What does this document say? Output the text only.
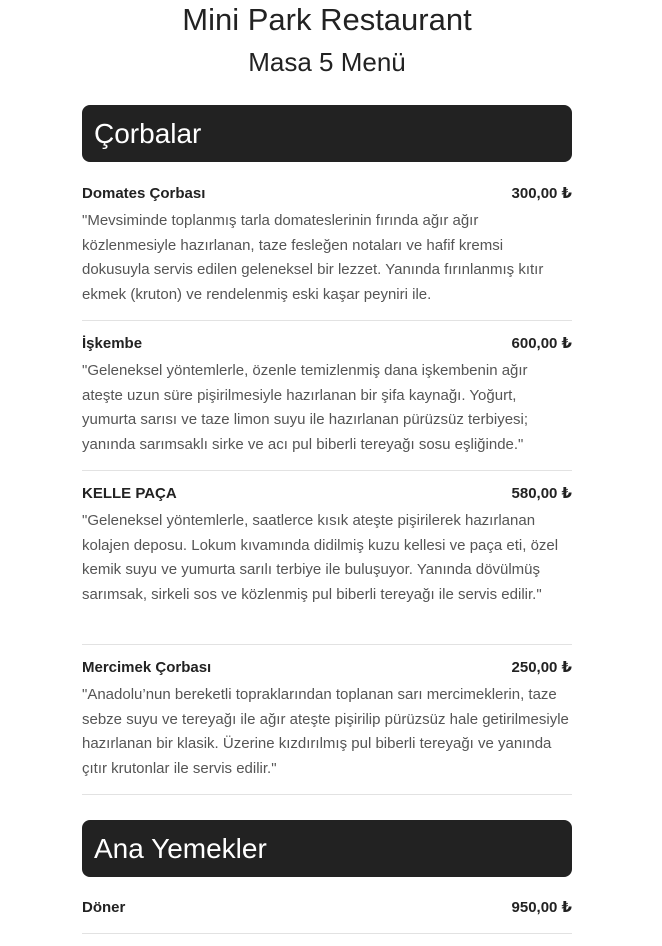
Mini Park Restaurant
Masa 5 Menü
Çorbalar
Domates Çorbası	300,00 ₺
"Mevsiminde toplanmış tarla domateslerinin fırında ağır ağır közlenmesiyle hazırlanan, taze fesleğen notaları ve hafif kremsi dokusuyla servis edilen geleneksel bir lezzet. Yanında fırınlanmış kıtır ekmek (kruton) ve rendelenmiş eski kaşar peyniri ile.
İşkembe	600,00 ₺
"Geleneksel yöntemlerle, özenle temizlenmiş dana işkembenin ağır ateşte uzun süre pişirilmesiyle hazırlanan bir şifa kaynağı. Yoğurt, yumurta sarısı ve taze limon suyu ile hazırlanan pürüzsüz terbiyesi; yanında sarımsaklı sirke ve acı pul biberli tereyağı sosu eşliğinde."
KELLE PAÇA	580,00 ₺
"Geleneksel yöntemlerle, saatlerce kısık ateşte pişirilerek hazırlanan kolajen deposu. Lokum kıvamında didilmiş kuzu kellesi ve paça eti, özel kemik suyu ve yumurta sarılı terbiye ile buluşuyor. Yanında dövülmüş sarımsak, sirkeli sos ve közlenmiş pul biberli tereyağı ile servis edilir."
Mercimek Çorbası	250,00 ₺
"Anadolu’nun bereketli topraklarından toplanan sarı mercimeklerin, taze sebze suyu ve tereyağı ile ağır ateşte pişirilip pürüzsüz hale getirilmesiyle hazırlanan bir klasik. Üzerine kızdırılmış pul biberli tereyağı ve yanında çıtır krutonlar ile servis edilir."
Ana Yemekler
Döner	950,00 ₺
